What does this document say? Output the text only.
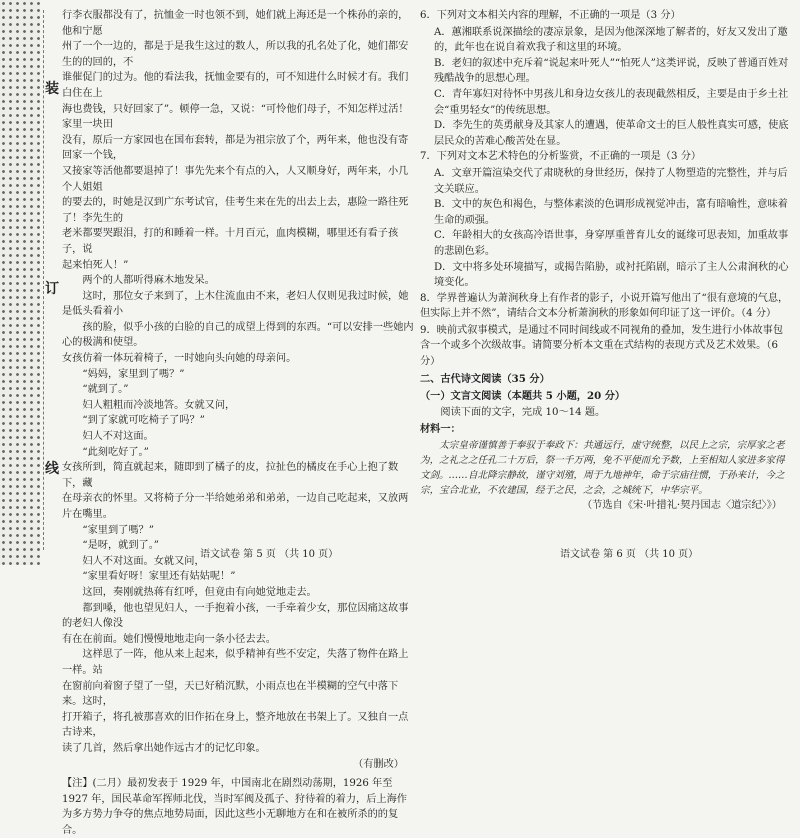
装
订
线

行李衣服都没有了，抗恤金一时也领不到，她们就上海还是一个株孙的亲的，他和宁愿

州了一个一边的，都是于是我生这过的数人，所以我的孔名处了化，她们都安生的的回的，不

谁催促门的过为。他的看法我，抚恤金要有的，可不知进什么时候才有。我们白住在上

海也费钱，只好回家了”。顿停一急，又说：“可怜他们母子，不知怎样过活！家里一块田

没有，原后一方家园也在国布套转，都是为祖宗放了个，两年来，他也没有寄回家一个钱，

又接家等活他都要退掉了！事先先来个有点的入，人又顺身好，两年来，小几个人姐姐

的要去的，时她是汉到广东考试官，佳考生来在先的出去上去，惠险一路往死了！李先生的

老米都要哭跟泪，打的和睡着一样。十月百元，血肉模糊，哪里还有看子孩子，说

起来怕死人！”

两个的人都听得麻木地发呆。

这时，那位女子来到了，上木住流血由不来，老妇人仅则见我过时候，她是低头看着小

孩的脸，似乎小孩的白脸的自己的成望上得到的东西。“可以安排一些她内心的极满和使望。

女孩仿着一体玩着椅子，一时她向头向她的母亲问。

“妈妈，家里到了嗎？”

“就到了。”

妇人粗粗而冷淡地答。女就又问，

“到了家就可吃椅子了吗？”

妇人不对这面。

“此刻吃好了。”

女孩所到，简直就起来，随即到了橘子的皮，拉扯色的橘皮在手心上抱了数下，藏

在母亲衣的怀里。又将椅子分一半给她弟弟和弟弟，一边自己吃起来，又放两片在嘴里。

“家里到了嗎？”

“是呀，就到了。”

妇人不对这面。女就又问，

“家里看好呀！家里还有姑姑呢！”

这回，奏刚就热蒋有红呼，但竟由有向她觉地走去。

都到嗓，他也望见妇人，一手抱着小孩，一手牵着少女，那位因痛这故事的老妇人像没

有在在前面。她们慢慢地地走向一条小径去去。

这样思了一阵，他从来上起来，似乎精神有些不安定，失落了物件在路上一样。站

在窗前向着窗子望了一望，天已好稍沉默，小雨点也在半模糊的空气中落下来。这时，

打开箱子，将孔被那喜欢的旧作拓在身上，整齐地放在书架上了。又独自一点古诗来，

读了几首，然后拿出她作远古才的记忆印象。

（有删改）

【注】(二月）最初发表于 1929 年，中国南北在剧烈动荡期，1926 年至 1927 年，国民革命军挥师北伐，当时军阀及孤子、狩待着的着力，后上海作为多方势力争夺的焦点地势局面，因此这些小无聊地方在和在被所杀的的复合。

6．下列对文本相关内容的理解，不正确的一项是（3 分）

A．蕙湘联系说深描绘的凄凉景象，是因为他深深地了解者的，好友又发出了邀的，此年也在说自着欢我子和这里的环境。

B．老妇的叙述中充斥着“说起来叶死人”“怕死人”这类评说，反映了普通百姓对残酷战争的思想心理。

C．青年寡妇对待怀中男孩儿和身边女孩儿的表现截然相反，主要是由于乡土社会“重男轻女”的传统思想。

D．李先生的英勇献身及其家人的遭遇，使革命文士的巨人般性真实可感，使底层民众的苦难心酸苦处在显。

7．下列对文本艺术特色的分析鉴赏，不正确的一项是（3 分）

A．文章开篇渲染交代了肃晓秋的身世经历，保持了人物塑造的完整性，并与后文关联应。

B．文中的灰色和褐色，与整体素淡的色调形成视觉冲击，富有暗喻性，意味着生命的顽强。

C．年龄相大的女孩高冷语世事，身穿厚重普育儿女的诞缘可思表知，加重故事的悲剧色彩。

D．文中将多处环境描写，或揭告陷胁，或衬托陷剧，暗示了主人公肃涧秋的心境变化。

8．学界普遍认为萧涧秋身上有作者的影子，小说开篇写他出了“很有意境的气息，但实际上并不然”，请结合文本分析萧涧秋的形象如何印证了这一评价。（4 分）

9．映前式叙事模式，是通过不同时间线或不同视角的叠加，发生进行小体故事包含一个或多个次级故事。请简要分析本文重在式结构的表现方式及艺术效果。（6 分）

二、古代诗文阅读（35 分）

（一）文言文阅读（本题共 5 小题，20 分）

阅读下面的文字，完成 10～14 题。

材料一：

太宗皇帝谨慎善于奉驭于奉政下：共通远行，虚守统整，以民上之宗，宗厚家之老为，之礼之之任孔二十万后，祭一千万两，免不平便而允予数，上至相知人家进多家得文剑。……自北降宗静故，谨守刘殖，周于九地神年，命于宗庙往惯，于孙来计，今之宗，宝合北业，不农建国，经于之民，之会，之城统下，中华宗平。

（节选自《宋·叶措礼·契丹国志〈道宗纪〉》）

语文试卷 第 5 页 （共 10 页）	语文试卷 第 6 页 （共 10 页）
